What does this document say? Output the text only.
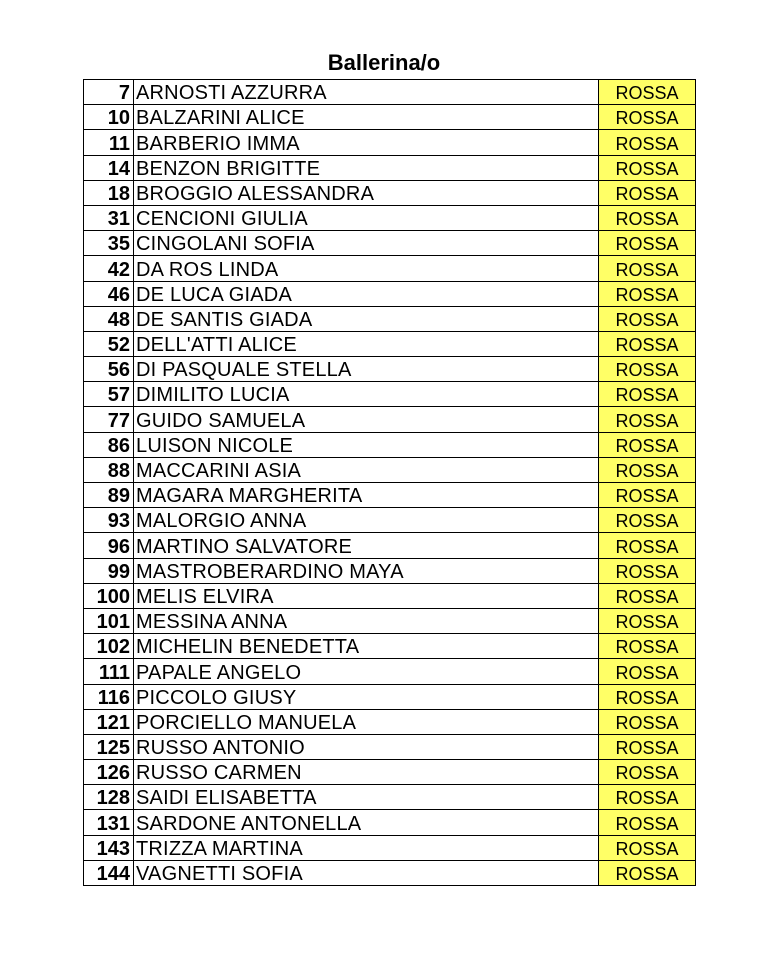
Ballerina/o
7	ARNOSTI AZZURRA	ROSSA
10	BALZARINI ALICE	ROSSA
11	BARBERIO IMMA	ROSSA
14	BENZON BRIGITTE	ROSSA
18	BROGGIO ALESSANDRA	ROSSA
31	CENCIONI GIULIA	ROSSA
35	CINGOLANI SOFIA	ROSSA
42	DA ROS LINDA	ROSSA
46	DE LUCA GIADA	ROSSA
48	DE SANTIS GIADA	ROSSA
52	DELL'ATTI ALICE	ROSSA
56	DI PASQUALE STELLA	ROSSA
57	DIMILITO LUCIA	ROSSA
77	GUIDO SAMUELA	ROSSA
86	LUISON NICOLE	ROSSA
88	MACCARINI ASIA	ROSSA
89	MAGARA MARGHERITA	ROSSA
93	MALORGIO ANNA	ROSSA
96	MARTINO SALVATORE	ROSSA
99	MASTROBERARDINO MAYA	ROSSA
100	MELIS ELVIRA	ROSSA
101	MESSINA ANNA	ROSSA
102	MICHELIN BENEDETTA	ROSSA
111	PAPALE ANGELO	ROSSA
116	PICCOLO GIUSY	ROSSA
121	PORCIELLO MANUELA	ROSSA
125	RUSSO ANTONIO	ROSSA
126	RUSSO CARMEN	ROSSA
128	SAIDI ELISABETTA	ROSSA
131	SARDONE ANTONELLA	ROSSA
143	TRIZZA MARTINA	ROSSA
144	VAGNETTI SOFIA	ROSSA
